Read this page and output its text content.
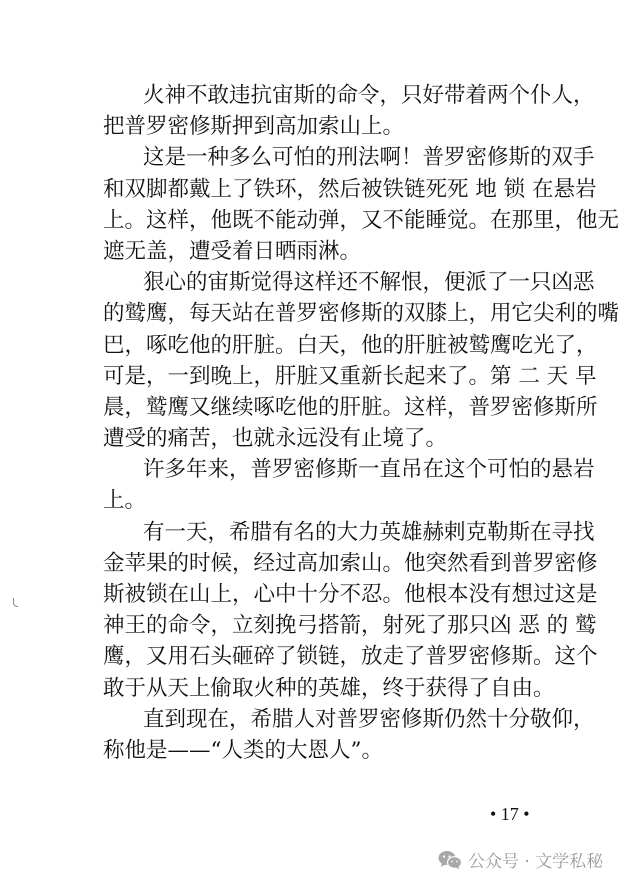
火神不敢违抗宙斯的命令，只好带着两个仆人，
把普罗密修斯押到高加索山上。
这是一种多么可怕的刑法啊！普罗密修斯的双手
和双脚都戴上了铁环，然后被铁链死死 地 锁 在悬岩
上。这样，他既不能动弹，又不能睡觉。在那里，他无
遮无盖，遭受着日晒雨淋。
狠心的宙斯觉得这样还不解恨，便派了一只凶恶
的鹫鹰，每天站在普罗密修斯的双膝上，用它尖利的嘴
巴，啄吃他的肝脏。白天，他的肝脏被鹫鹰吃光了，
可是，一到晚上，肝脏又重新长起来了。第 二 天 早
晨，鹫鹰又继续啄吃他的肝脏。这样，普罗密修斯所
遭受的痛苦，也就永远没有止境了。
许多年来，普罗密修斯一直吊在这个可怕的悬岩
上。
有一天，希腊有名的大力英雄赫剌克勒斯在寻找
金苹果的时候，经过高加索山。他突然看到普罗密修
斯被锁在山上，心中十分不忍。他根本没有想过这是
神王的命令，立刻挽弓搭箭，射死了那只凶 恶 的 鹫
鹰，又用石头砸碎了锁链，放走了普罗密修斯。这个
敢于从天上偷取火种的英雄，终于获得了自由。
直到现在，希腊人对普罗密修斯仍然十分敬仰，
称他是——“人类的大恩人”。
• 17 •
公众号 · 文学私秘
